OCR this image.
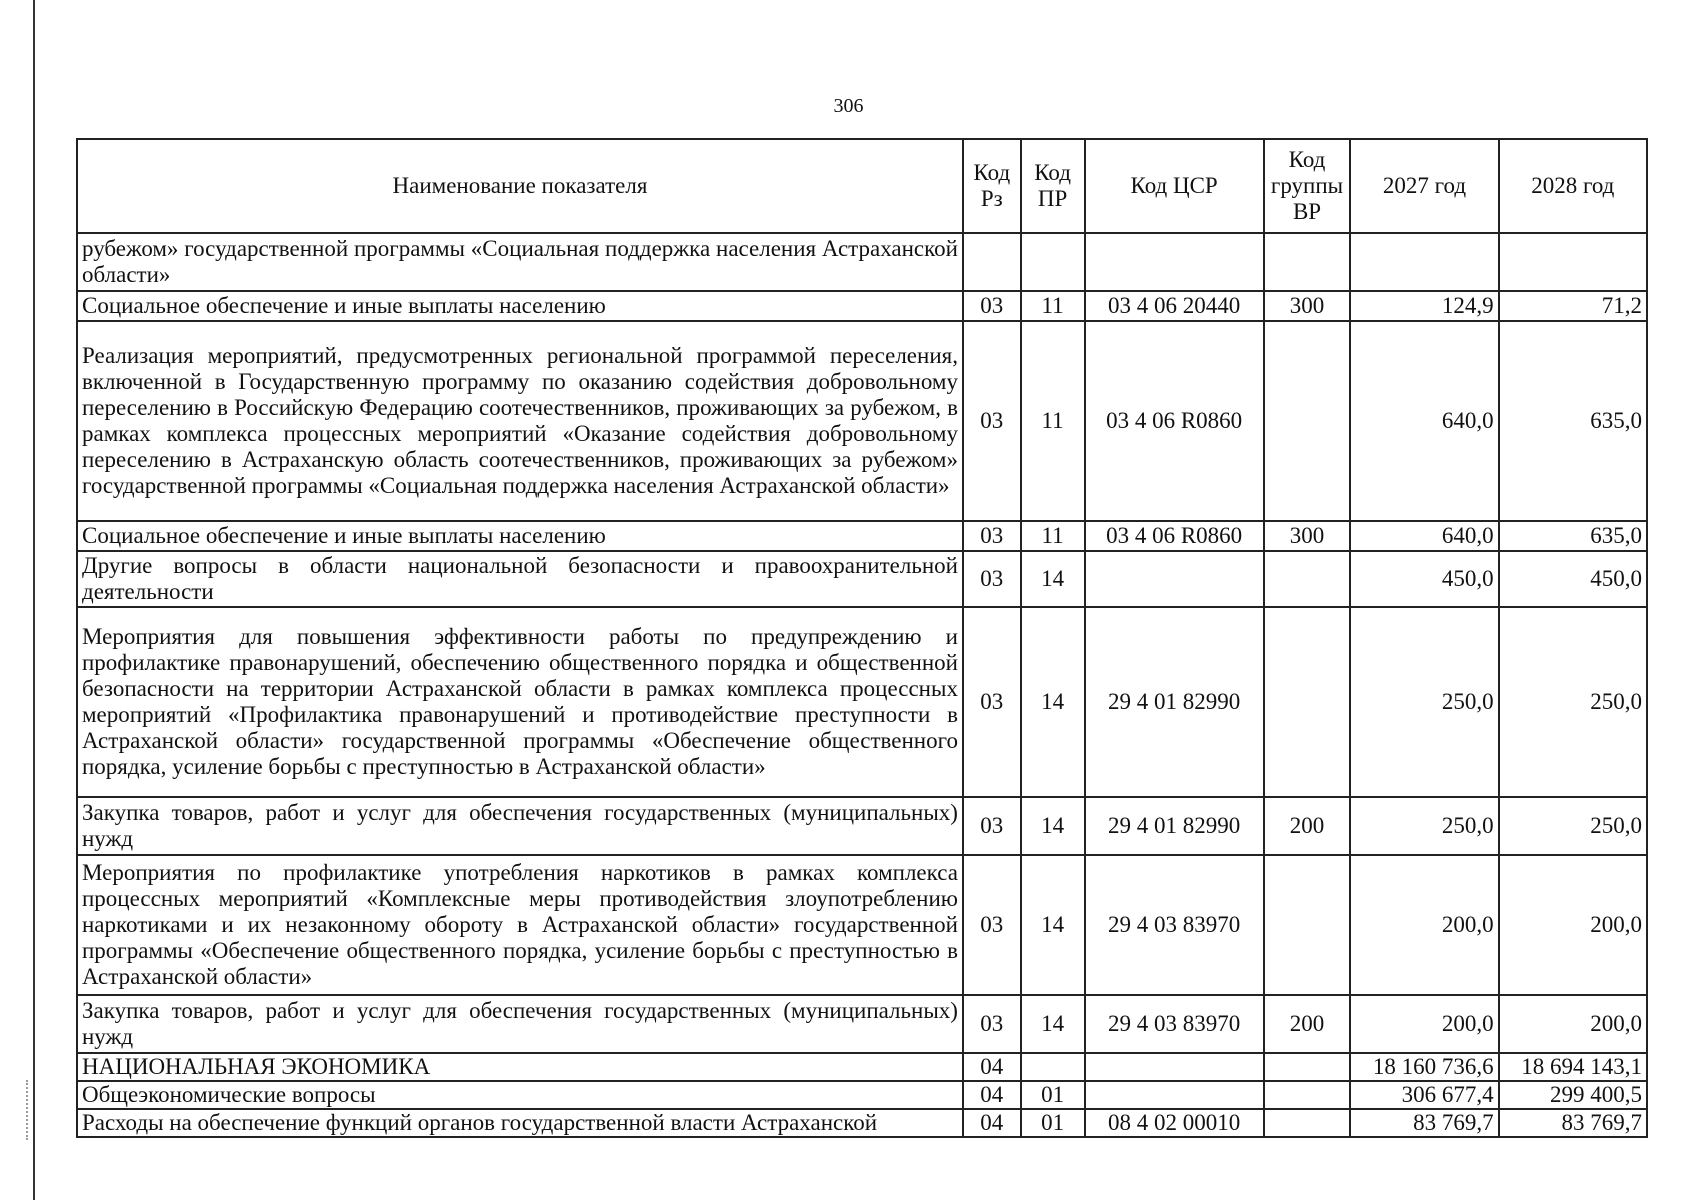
306
Наименование показателя	Код Рз	Код ПР	Код ЦСР	Код группы ВР	2027 год	2028 год
рубежом» государственной программы «Социальная поддержка населения Астраханской области»						
Социальное обеспечение и иные выплаты населению	03	11	03 4 06 20440	300	124,9	71,2
Реализация мероприятий, предусмотренных региональной программой переселения, включенной в Государственную программу по оказанию содействия добровольному переселению в Российскую Федерацию соотечественников, проживающих за рубежом, в рамках комплекса процессных мероприятий «Оказание содействия добровольному переселению в Астраханскую область соотечественников, проживающих за рубежом» государственной программы «Социальная поддержка населения Астраханской области»	03	11	03 4 06 R0860		640,0	635,0
Социальное обеспечение и иные выплаты населению	03	11	03 4 06 R0860	300	640,0	635,0
Другие вопросы в области национальной безопасности и правоохранительной деятельности	03	14			450,0	450,0
Мероприятия для повышения эффективности работы по предупреждению и профилактике правонарушений, обеспечению общественного порядка и общественной безопасности на территории Астраханской области в рамках комплекса процессных мероприятий «Профилактика правонарушений и противодействие преступности в Астраханской области» государственной программы «Обеспечение общественного порядка, усиление борьбы с преступностью в Астраханской области»	03	14	29 4 01 82990		250,0	250,0
Закупка товаров, работ и услуг для обеспечения государственных (муниципальных) нужд	03	14	29 4 01 82990	200	250,0	250,0
Мероприятия по профилактике употребления наркотиков в рамках комплекса процессных мероприятий «Комплексные меры противодействия злоупотреблению наркотиками и их незаконному обороту в Астраханской области» государственной программы «Обеспечение общественного порядка, усиление борьбы с преступностью в Астраханской области»	03	14	29 4 03 83970		200,0	200,0
Закупка товаров, работ и услуг для обеспечения государственных (муниципальных) нужд	03	14	29 4 03 83970	200	200,0	200,0
НАЦИОНАЛЬНАЯ ЭКОНОМИКА	04				18 160 736,6	18 694 143,1
Общеэкономические вопросы	04	01			306 677,4	299 400,5
Расходы на обеспечение функций органов государственной власти Астраханской	04	01	08 4 02 00010		83 769,7	83 769,7
